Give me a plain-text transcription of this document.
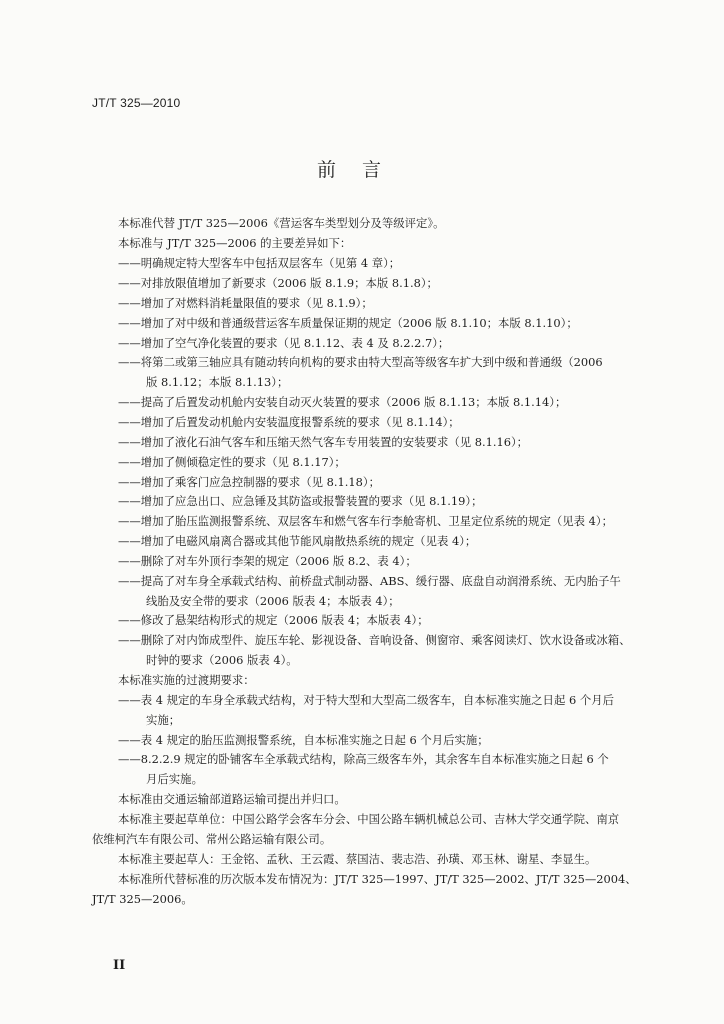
JT/T 325—2010
前言
本标准代替 JT/T 325—2006《营运客车类型划分及等级评定》。
本标准与 JT/T 325—2006 的主要差异如下：
——明确规定特大型客车中包括双层客车（见第 4 章）；
——对排放限值增加了新要求（2006 版 8.1.9；本版 8.1.8）；
——增加了对燃料消耗量限值的要求（见 8.1.9）；
——增加了对中级和普通级营运客车质量保证期的规定（2006 版 8.1.10；本版 8.1.10）；
——增加了空气净化装置的要求（见 8.1.12、表 4 及 8.2.2.7）；
——将第二或第三轴应具有随动转向机构的要求由特大型高等级客车扩大到中级和普通级（2006
版 8.1.12；本版 8.1.13）；
——提高了后置发动机舱内安装自动灭火装置的要求（2006 版 8.1.13；本版 8.1.14）；
——增加了后置发动机舱内安装温度报警系统的要求（见 8.1.14）；
——增加了液化石油气客车和压缩天然气客车专用装置的安装要求（见 8.1.16）；
——增加了侧倾稳定性的要求（见 8.1.17）；
——增加了乘客门应急控制器的要求（见 8.1.18）；
——增加了应急出口、应急锤及其防盗或报警装置的要求（见 8.1.19）；
——增加了胎压监测报警系统、双层客车和燃气客车行李舱寄机、卫星定位系统的规定（见表 4）；
——增加了电磁风扇离合器或其他节能风扇散热系统的规定（见表 4）；
——删除了对车外顶行李架的规定（2006 版 8.2、表 4）；
——提高了对车身全承载式结构、前桥盘式制动器、ABS、缓行器、底盘自动润滑系统、无内胎子午
线胎及安全带的要求（2006 版表 4；本版表 4）；
——修改了悬架结构形式的规定（2006 版表 4；本版表 4）；
——删除了对内饰成型件、旋压车轮、影视设备、音响设备、侧窗帘、乘客阅读灯、饮水设备或冰箱、
时钟的要求（2006 版表 4）。
本标准实施的过渡期要求：
——表 4 规定的车身全承载式结构，对于特大型和大型高二级客车，自本标准实施之日起 6 个月后
实施；
——表 4 规定的胎压监测报警系统，自本标准实施之日起 6 个月后实施；
——8.2.2.9 规定的卧铺客车全承载式结构，除高三级客车外，其余客车自本标准实施之日起 6 个
月后实施。
本标准由交通运输部道路运输司提出并归口。
本标准主要起草单位：中国公路学会客车分会、中国公路车辆机械总公司、吉林大学交通学院、南京
依维柯汽车有限公司、常州公路运输有限公司。
本标准主要起草人：王金铭、孟秋、王云霞、蔡国洁、裴志浩、孙璜、邓玉林、谢星、李显生。
本标准所代替标准的历次版本发布情况为：JT/T 325—1997、JT/T 325—2002、JT/T 325—2004、
JT/T 325—2006。
II
